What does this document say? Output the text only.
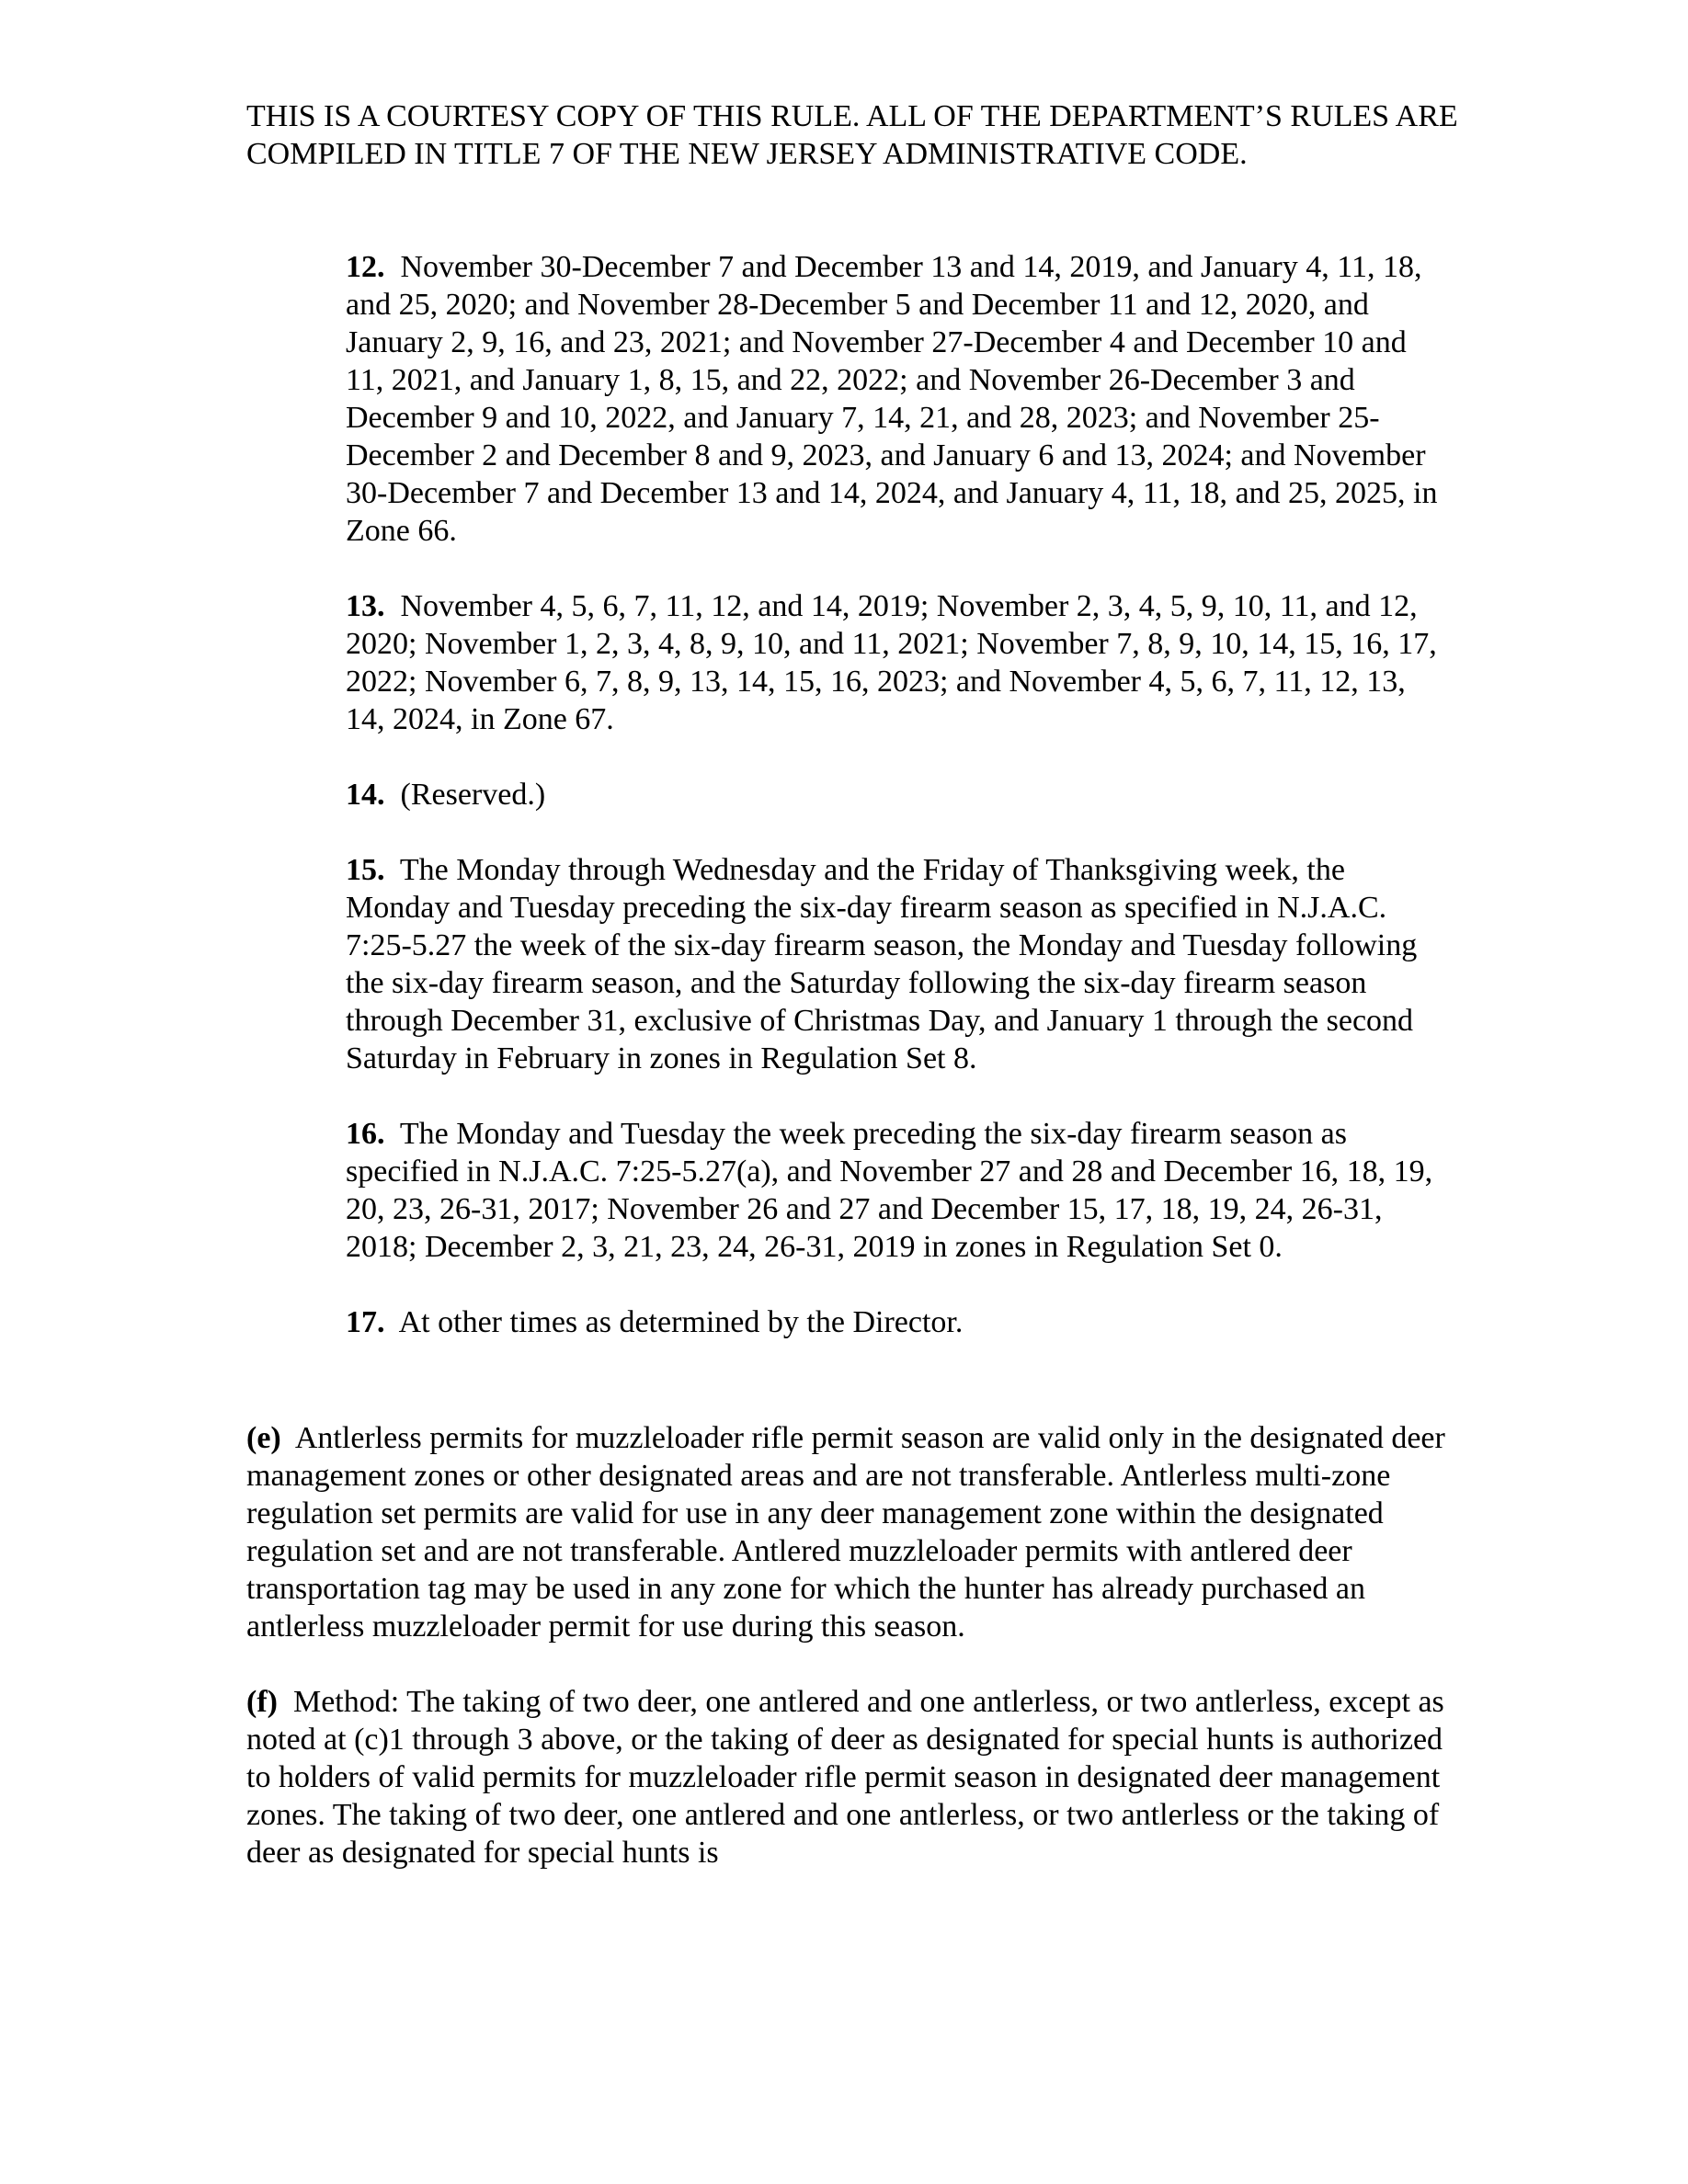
THIS IS A COURTESY COPY OF THIS RULE. ALL OF THE DEPARTMENT’S RULES ARE COMPILED IN TITLE 7 OF THE NEW JERSEY ADMINISTRATIVE CODE.

12. November 30-December 7 and December 13 and 14, 2019, and January 4, 11, 18, and 25, 2020; and November 28-December 5 and December 11 and 12, 2020, and January 2, 9, 16, and 23, 2021; and November 27-December 4 and December 10 and 11, 2021, and January 1, 8, 15, and 22, 2022; and November 26-December 3 and December 9 and 10, 2022, and January 7, 14, 21, and 28, 2023; and November 25-December 2 and December 8 and 9, 2023, and January 6 and 13, 2024; and November 30-December 7 and December 13 and 14, 2024, and January 4, 11, 18, and 25, 2025, in Zone 66.

13. November 4, 5, 6, 7, 11, 12, and 14, 2019; November 2, 3, 4, 5, 9, 10, 11, and 12, 2020; November 1, 2, 3, 4, 8, 9, 10, and 11, 2021; November 7, 8, 9, 10, 14, 15, 16, 17, 2022; November 6, 7, 8, 9, 13, 14, 15, 16, 2023; and November 4, 5, 6, 7, 11, 12, 13, 14, 2024, in Zone 67.

14. (Reserved.)

15. The Monday through Wednesday and the Friday of Thanksgiving week, the Monday and Tuesday preceding the six-day firearm season as specified in N.J.A.C. 7:25-5.27 the week of the six-day firearm season, the Monday and Tuesday following the six-day firearm season, and the Saturday following the six-day firearm season through December 31, exclusive of Christmas Day, and January 1 through the second Saturday in February in zones in Regulation Set 8.

16. The Monday and Tuesday the week preceding the six-day firearm season as specified in N.J.A.C. 7:25-5.27(a), and November 27 and 28 and December 16, 18, 19, 20, 23, 26-31, 2017; November 26 and 27 and December 15, 17, 18, 19, 24, 26-31, 2018; December 2, 3, 21, 23, 24, 26-31, 2019 in zones in Regulation Set 0.

17. At other times as determined by the Director.

(e) Antlerless permits for muzzleloader rifle permit season are valid only in the designated deer management zones or other designated areas and are not transferable. Antlerless multi-zone regulation set permits are valid for use in any deer management zone within the designated regulation set and are not transferable. Antlered muzzleloader permits with antlered deer transportation tag may be used in any zone for which the hunter has already purchased an antlerless muzzleloader permit for use during this season.

(f) Method: The taking of two deer, one antlered and one antlerless, or two antlerless, except as noted at (c)1 through 3 above, or the taking of deer as designated for special hunts is authorized to holders of valid permits for muzzleloader rifle permit season in designated deer management zones. The taking of two deer, one antlered and one antlerless, or two antlerless or the taking of deer as designated for special hunts is
